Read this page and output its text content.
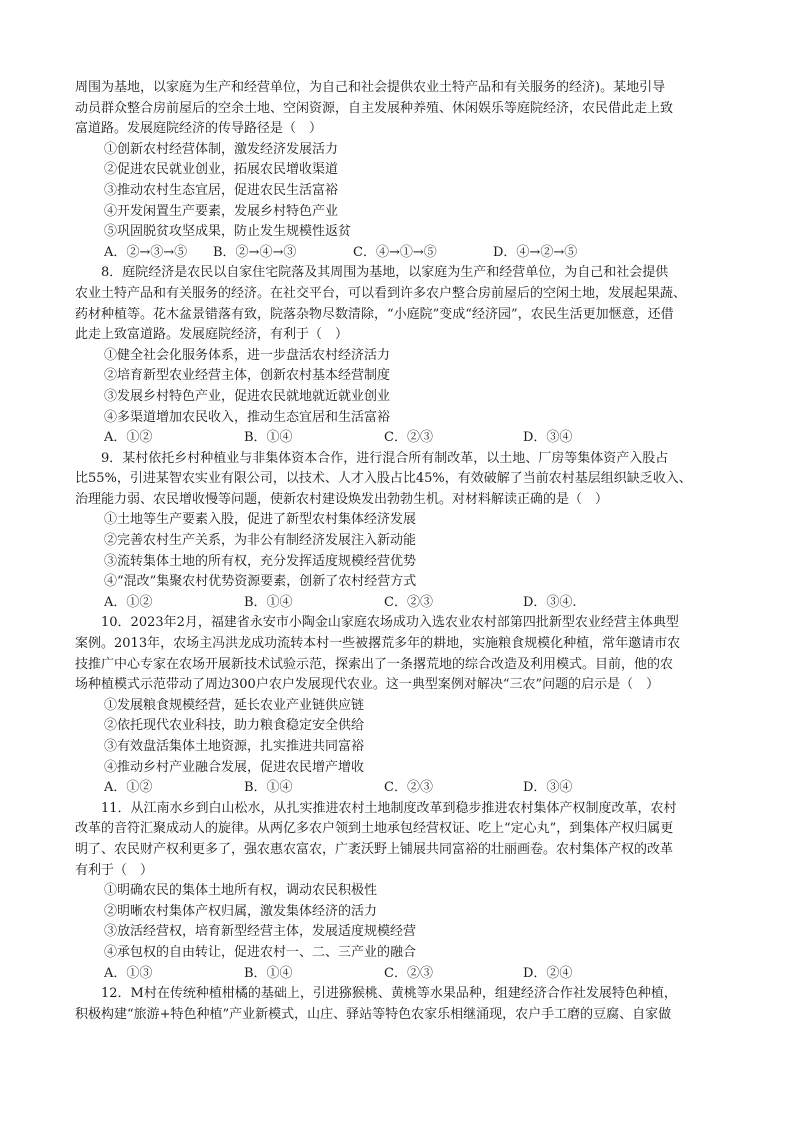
周围为基地，以家庭为生产和经营单位，为自己和社会提供农业土特产品和有关服务的经济)。某地引导

动员群众整合房前屋后的空余土地、空闲资源，自主发展种养殖、休闲娱乐等庭院经济，农民借此走上致

富道路。发展庭院经济的传导路径是（　）

①创新农村经营体制，激发经济发展活力

②促进农民就业创业，拓展农民增收渠道

③推动农村生态宜居，促进农民生活富裕

④开发闲置生产要素，发展乡村特色产业

⑤巩固脱贫攻坚成果，防止发生规模性返贫

A．②→③→⑤ B．②→④→③	C．④→①→⑤	D．④→②→⑤

8．庭院经济是农民以自家住宅院落及其周围为基地，以家庭为生产和经营单位，为自己和社会提供

农业土特产品和有关服务的经济。在社交平台，可以看到许多农户整合房前屋后的空闲土地，发展起果蔬、

药材种植等。花木盆景错落有致，院落杂物尽数清除，“小庭院”变成“经济园”，农民生活更加惬意，还借

此走上致富道路。发展庭院经济，有利于（　）

①健全社会化服务体系，进一步盘活农村经济活力

②培育新型农业经营主体，创新农村基本经营制度

③发展乡村特色产业，促进农民就地就近就业创业

④多渠道增加农民收入，推动生态宜居和生活富裕

A．①②	B．①④	C．②③	D．③④

9．某村依托乡村种植业与非集体资本合作，进行混合所有制改革，以土地、厂房等集体资产入股占

比55%，引进某智农实业有限公司，以技术、人才入股占比45%，有效破解了当前农村基层组织缺乏收入、

治理能力弱、农民增收慢等问题，使新农村建设焕发出勃勃生机。对材料解读正确的是（　）

①土地等生产要素入股，促进了新型农村集体经济发展

②完善农村生产关系，为非公有制经济发展注入新动能

③流转集体土地的所有权，充分发挥适度规模经营优势

④“混改”集聚农村优势资源要素，创新了农村经营方式

A．①②	B．①④	C．②③	D．③④.

10．2023年2月，福建省永安市小陶金山家庭农场成功入选农业农村部第四批新型农业经营主体典型

案例。2013年，农场主冯洪龙成功流转本村一些被撂荒多年的耕地，实施粮食规模化种植，常年邀请市农

技推广中心专家在农场开展新技术试验示范，探索出了一条撂荒地的综合改造及利用模式。目前，他的农

场种植模式示范带动了周边300户农户发展现代农业。这一典型案例对解决“三农”问题的启示是（　）

①发展粮食规模经营，延长农业产业链供应链

②依托现代农业科技，助力粮食稳定安全供给

③有效盘活集体土地资源，扎实推进共同富裕

④推动乡村产业融合发展，促进农民增产增收

A．①②	B．①④	C．②③	D．③④

11．从江南水乡到白山松水，从扎实推进农村土地制度改革到稳步推进农村集体产权制度改革，农村

改革的音符汇聚成动人的旋律。从两亿多农户领到土地承包经营权证、吃上“定心丸”，到集体产权归属更

明了、农民财产权利更多了，强农惠农富农，广袤沃野上铺展共同富裕的壮丽画卷。农村集体产权的改革

有利于（　）

①明确农民的集体土地所有权，调动农民积极性

②明晰农村集体产权归属，激发集体经济的活力

③放活经营权，培育新型经营主体，发展适度规模经营

④承包权的自由转让，促进农村一、二、三产业的融合

A．①③	B．①④	C．②③	D．②④

12．M村在传统种植柑橘的基础上，引进猕猴桃、黄桃等水果品种，组建经济合作社发展特色种植，

积极构建“旅游+特色种植”产业新模式，山庄、驿站等特色农家乐相继涌现，农户手工磨的豆腐、自家做
